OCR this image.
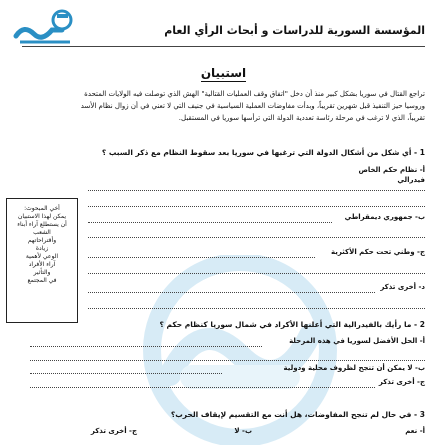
المؤسسة السورية للدراسات و أبحاث الرأي العام
استبيان

تراجع القتال في سوريا بشكل كبير منذ أن دخل "اتفاق وقف العمليات القتالية" الهش الذي توصلت فيه الولايات المتحدة

وروسيا حيز التنفيذ قبل شهرين تقريباً، وبدأت مفاوضات العملية السياسية في جنيف التي لا تعني في أن زوال نظام الأسد

تقريباً، الذي لا ترغب في مرحلة رئاسة تعددية الدولة التي ترأسها سوريا في المستقبل.

1 - أي شكل من أشكال الدولة التي ترغبها في سوريا بعد سقوط النظام مع ذكر السبب ؟
أ- نظام حكم الخاص
فيدرالي
ب- جمهوري ديمقراطي
ج- وطني تحت حكم الأكثرية
د- أخرى تذكر
أخي المبحوث:
يمكن لهذا الاستبيان
أن يستطلع آراء أبناء
الشعب
وأقتراحاتهم
زيادة
الوعي لأهمية
آراء الأفراد
والتأثير
في المجتمع
2 - ما رأيك بالفيدرالية التي أعلنها الأكراد في شمال سوريا كنظام حكم ؟
أ- الحل الأفضل لسوريا في هذه المرحلة
ب- لا يمكن أن تنجح لظروف محلية ودولية
ج- أخرى تذكر
3 - في حال لم تنجح المفاوضات، هل أنت مع التقسيم لإيقاف الحرب؟
أ- نعم
ب- لا
ج- أخرى تذكر
